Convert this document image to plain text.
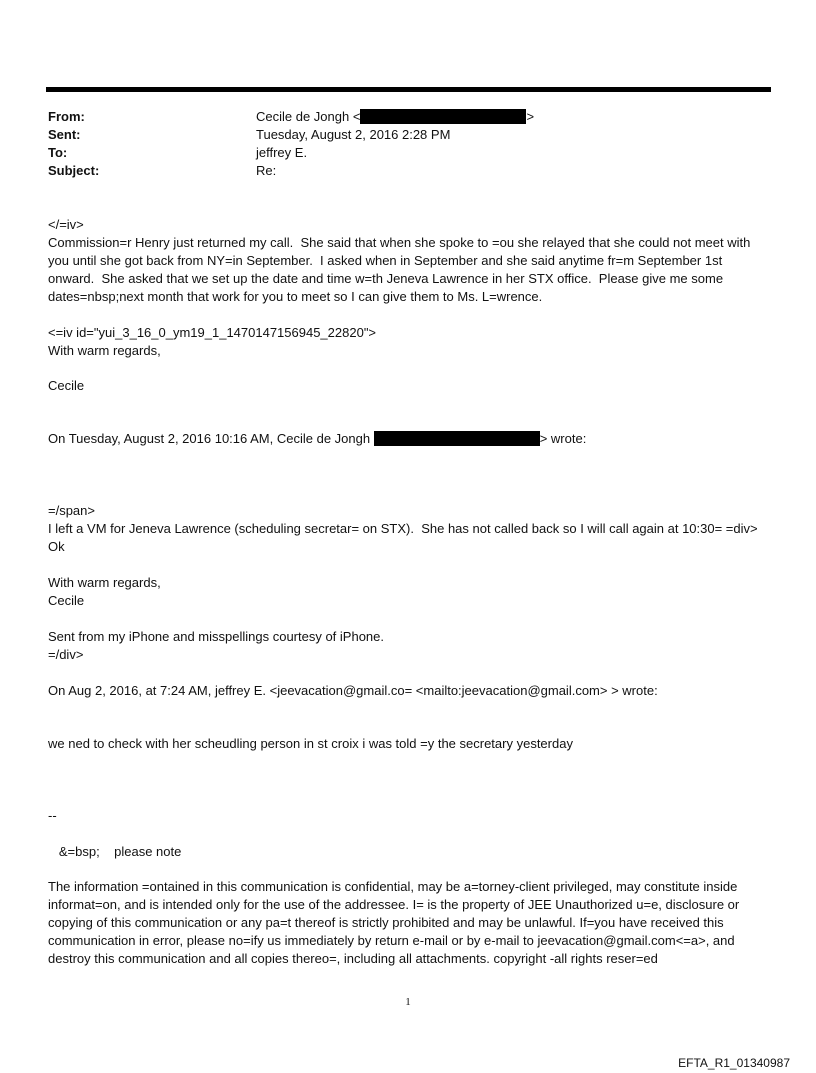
From:	Cecile de Jongh <	>
Sent:	Tuesday, August 2, 2016 2:28 PM
To:	jeffrey E.
Subject:	Re:
</=iv>
Commission=r Henry just returned my call.  She said that when she spoke to =ou she relayed that she could not meet with you until she got back from NY=in September.  I asked when in September and she said anytime fr=m September 1st onward.  She asked that we set up the date and time w=th Jeneva Lawrence in her STX office.  Please give me some dates=nbsp;next month that work for you to meet so I can give them to Ms. L=wrence.
<=iv id="yui_3_16_0_ym19_1_1470147156945_22820">
With warm regards,
Cecile
On Tuesday, August 2, 2016 10:16 AM, Cecile de Jongh	> wrote:
=/span>
I left a VM for Jeneva Lawrence (scheduling secretar= on STX).  She has not called back so I will call again at 10:30= =div>
Ok
With warm regards,
Cecile
Sent from my iPhone and misspellings courtesy of iPhone.
=/div>
On Aug 2, 2016, at 7:24 AM, jeffrey E. <jeevacation@gmail.co= <mailto:jeevacation@gmail.com> > wrote:
we ned to check with her scheudling person in st croix i was told =y the secretary yesterday
--
&=bsp;    please note
The information =ontained in this communication is confidential, may be a=torney-client privileged, may constitute inside informat=on, and is intended only for the use of the addressee. I= is the property of JEE Unauthorized u=e, disclosure or copying of this communication or any pa=t thereof is strictly prohibited and may be unlawful. If=you have received this communication in error, please no=ify us immediately by return e-mail or by e-mail to jeevacation@gmail.com<=a>, and destroy this communication and all copies thereo=, including all attachments. copyright -all rights reser=ed
1
EFTA_R1_01340987
